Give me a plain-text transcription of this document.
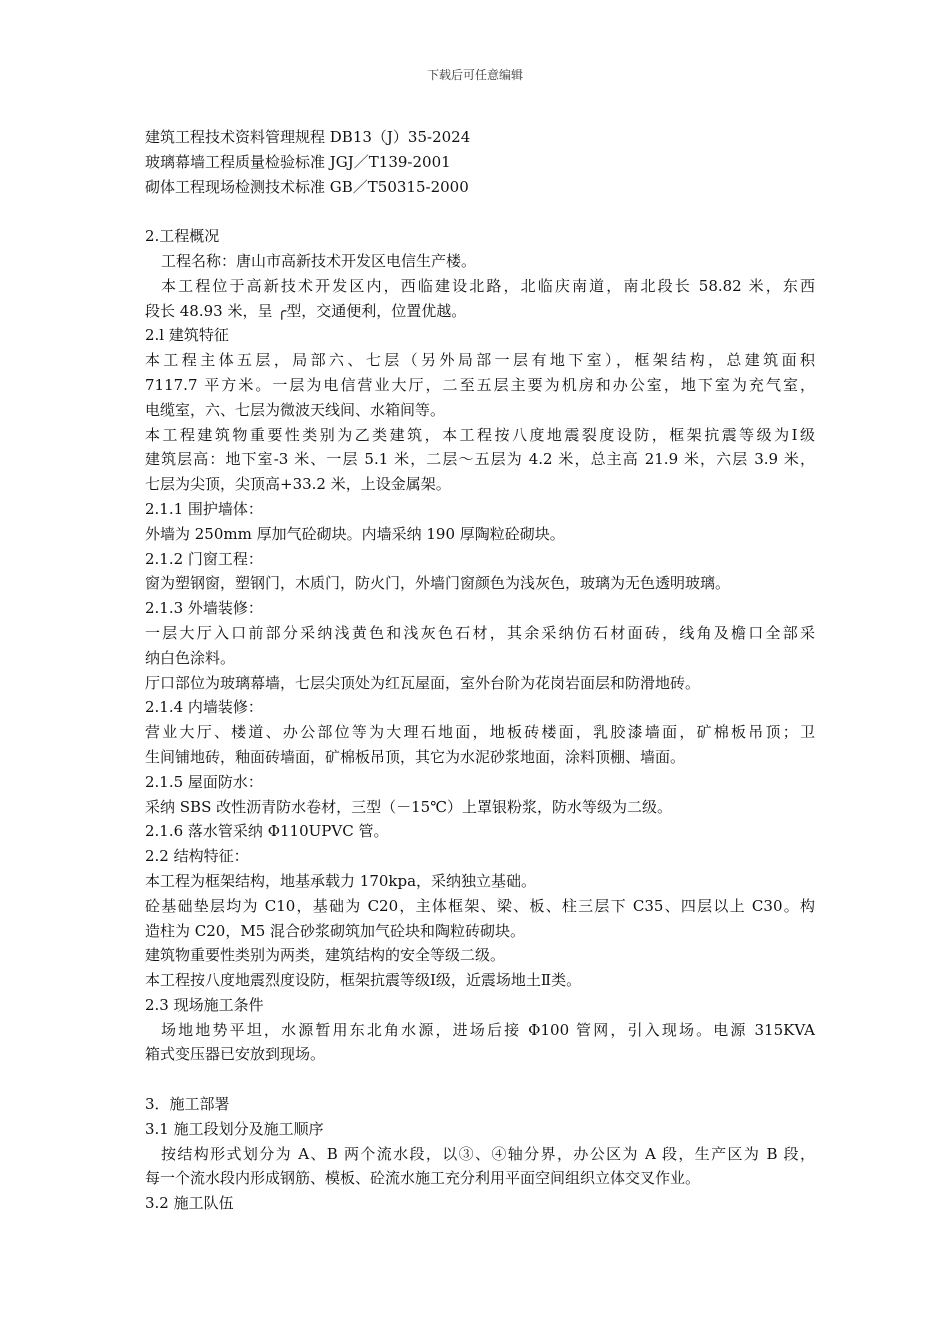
下载后可任意编辑
建筑工程技术资料管理规程 DB13（J）35-2024
玻璃幕墙工程质量检验标准 JGJ／T139-2001
砌体工程现场检测技术标准 GB／T50315-2000
2.工程概况
工程名称：唐山市高新技术开发区电信生产楼。
本工程位于高新技术开发区内，西临建设北路，北临庆南道，南北段长 58.82 米，东西
段长 48.93 米，呈 ╭型，交通便利，位置优越。
2.l 建筑特征
本工程主体五层，局部六、七层（另外局部一层有地下室），框架结构，总建筑面积
7117.7 平方米。一层为电信营业大厅，二至五层主要为机房和办公室，地下室为充气室，
电缆室，六、七层为微波天线间、水箱间等。
本工程建筑物重要性类别为乙类建筑，本工程按八度地震裂度设防，框架抗震等级为Ⅰ级
建筑层高：地下室-3 米、一层 5.1 米，二层～五层为 4.2 米，总主高 21.9 米，六层 3.9 米，
七层为尖顶，尖顶高+33.2 米，上设金属架。
2.1.1 围护墙体：
外墙为 250mm 厚加气砼砌块。内墙采纳 190 厚陶粒砼砌块。
2.1.2 门窗工程：
窗为塑钢窗，塑钢门，木质门，防火门，外墙门窗颜色为浅灰色，玻璃为无色透明玻璃。
2.1.3 外墙装修：
一层大厅入口前部分采纳浅黄色和浅灰色石材，其余采纳仿石材面砖，线角及檐口全部采
纳白色涂料。
厅口部位为玻璃幕墙，七层尖顶处为红瓦屋面，室外台阶为花岗岩面层和防滑地砖。
2.1.4 内墙装修：
营业大厅、楼道、办公部位等为大理石地面，地板砖楼面，乳胶漆墙面，矿棉板吊顶；卫
生间铺地砖，釉面砖墙面，矿棉板吊顶，其它为水泥砂浆地面，涂料顶棚、墙面。
2.1.5 屋面防水：
采纳 SBS 改性沥青防水卷材，三型（－15℃）上罩银粉浆，防水等级为二级。
2.1.6 落水管采纳 Φ110UPVC 管。
2.2 结构特征：
本工程为框架结构，地基承载力 170kpa，采纳独立基础。
砼基础垫层均为 C10，基础为 C20，主体框架、梁、板、柱三层下 C35、四层以上 C30。构
造柱为 C20，M5 混合砂浆砌筑加气砼块和陶粒砖砌块。
建筑物重要性类别为两类，建筑结构的安全等级二级。
本工程按八度地震烈度设防，框架抗震等级Ⅰ级，近震场地土Ⅱ类。
2.3 现场施工条件
场地地势平坦，水源暂用东北角水源，进场后接 Φ100 管网，引入现场。电源 315KVA
箱式变压器已安放到现场。
3．施工部署
3.1 施工段划分及施工顺序
按结构形式划分为 A、B 两个流水段，以③、④轴分界，办公区为 A 段，生产区为 B 段，
每一个流水段内形成钢筋、模板、砼流水施工充分利用平面空间组织立体交叉作业。
3.2 施工队伍
